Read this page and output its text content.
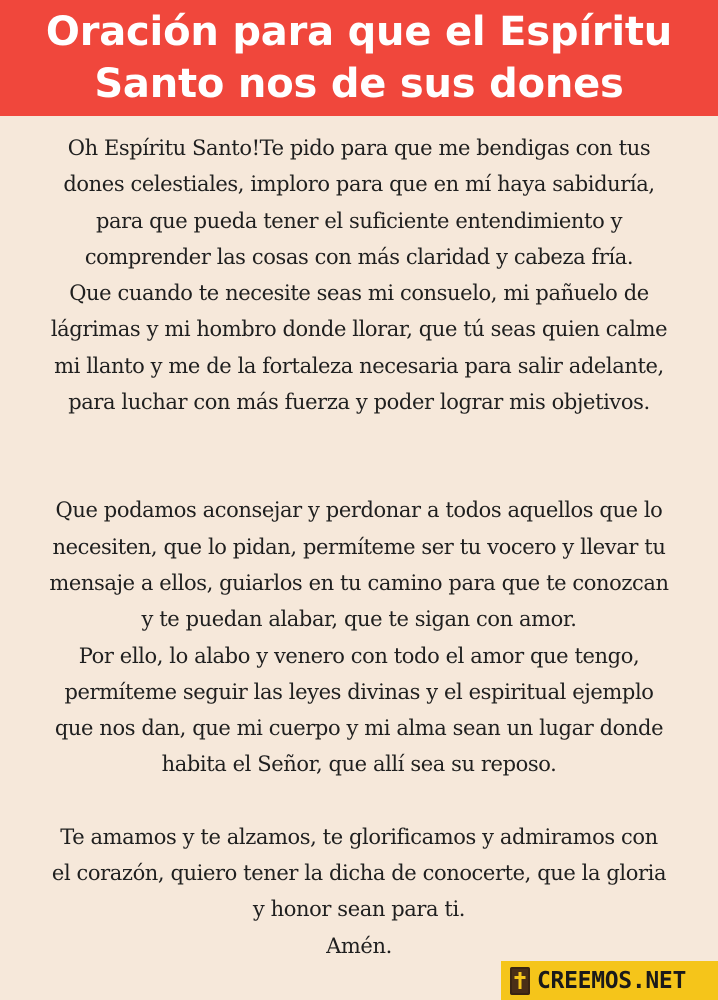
Oración para que el Espíritu
Santo nos de sus dones
Oh Espíritu Santo!Te pido para que me bendigas con tus
dones celestiales, imploro para que en mí haya sabiduría,
para que pueda tener el suficiente entendimiento y
comprender las cosas con más claridad y cabeza fría.
Que cuando te necesite seas mi consuelo, mi pañuelo de
lágrimas y mi hombro donde llorar, que tú seas quien calme
mi llanto y me de la fortaleza necesaria para salir adelante,
para luchar con más fuerza y poder lograr mis objetivos.
Que podamos aconsejar y perdonar a todos aquellos que lo
necesiten, que lo pidan, permíteme ser tu vocero y llevar tu
mensaje a ellos, guiarlos en tu camino para que te conozcan
y te puedan alabar, que te sigan con amor.
Por ello, lo alabo y venero con todo el amor que tengo,
permíteme seguir las leyes divinas y el espiritual ejemplo
que nos dan, que mi cuerpo y mi alma sean un lugar donde
habita el Señor, que allí sea su reposo.
Te amamos y te alzamos, te glorificamos y admiramos con
el corazón, quiero tener la dicha de conocerte, que la gloria
y honor sean para ti.
Amén.
CREEMOS.NET
